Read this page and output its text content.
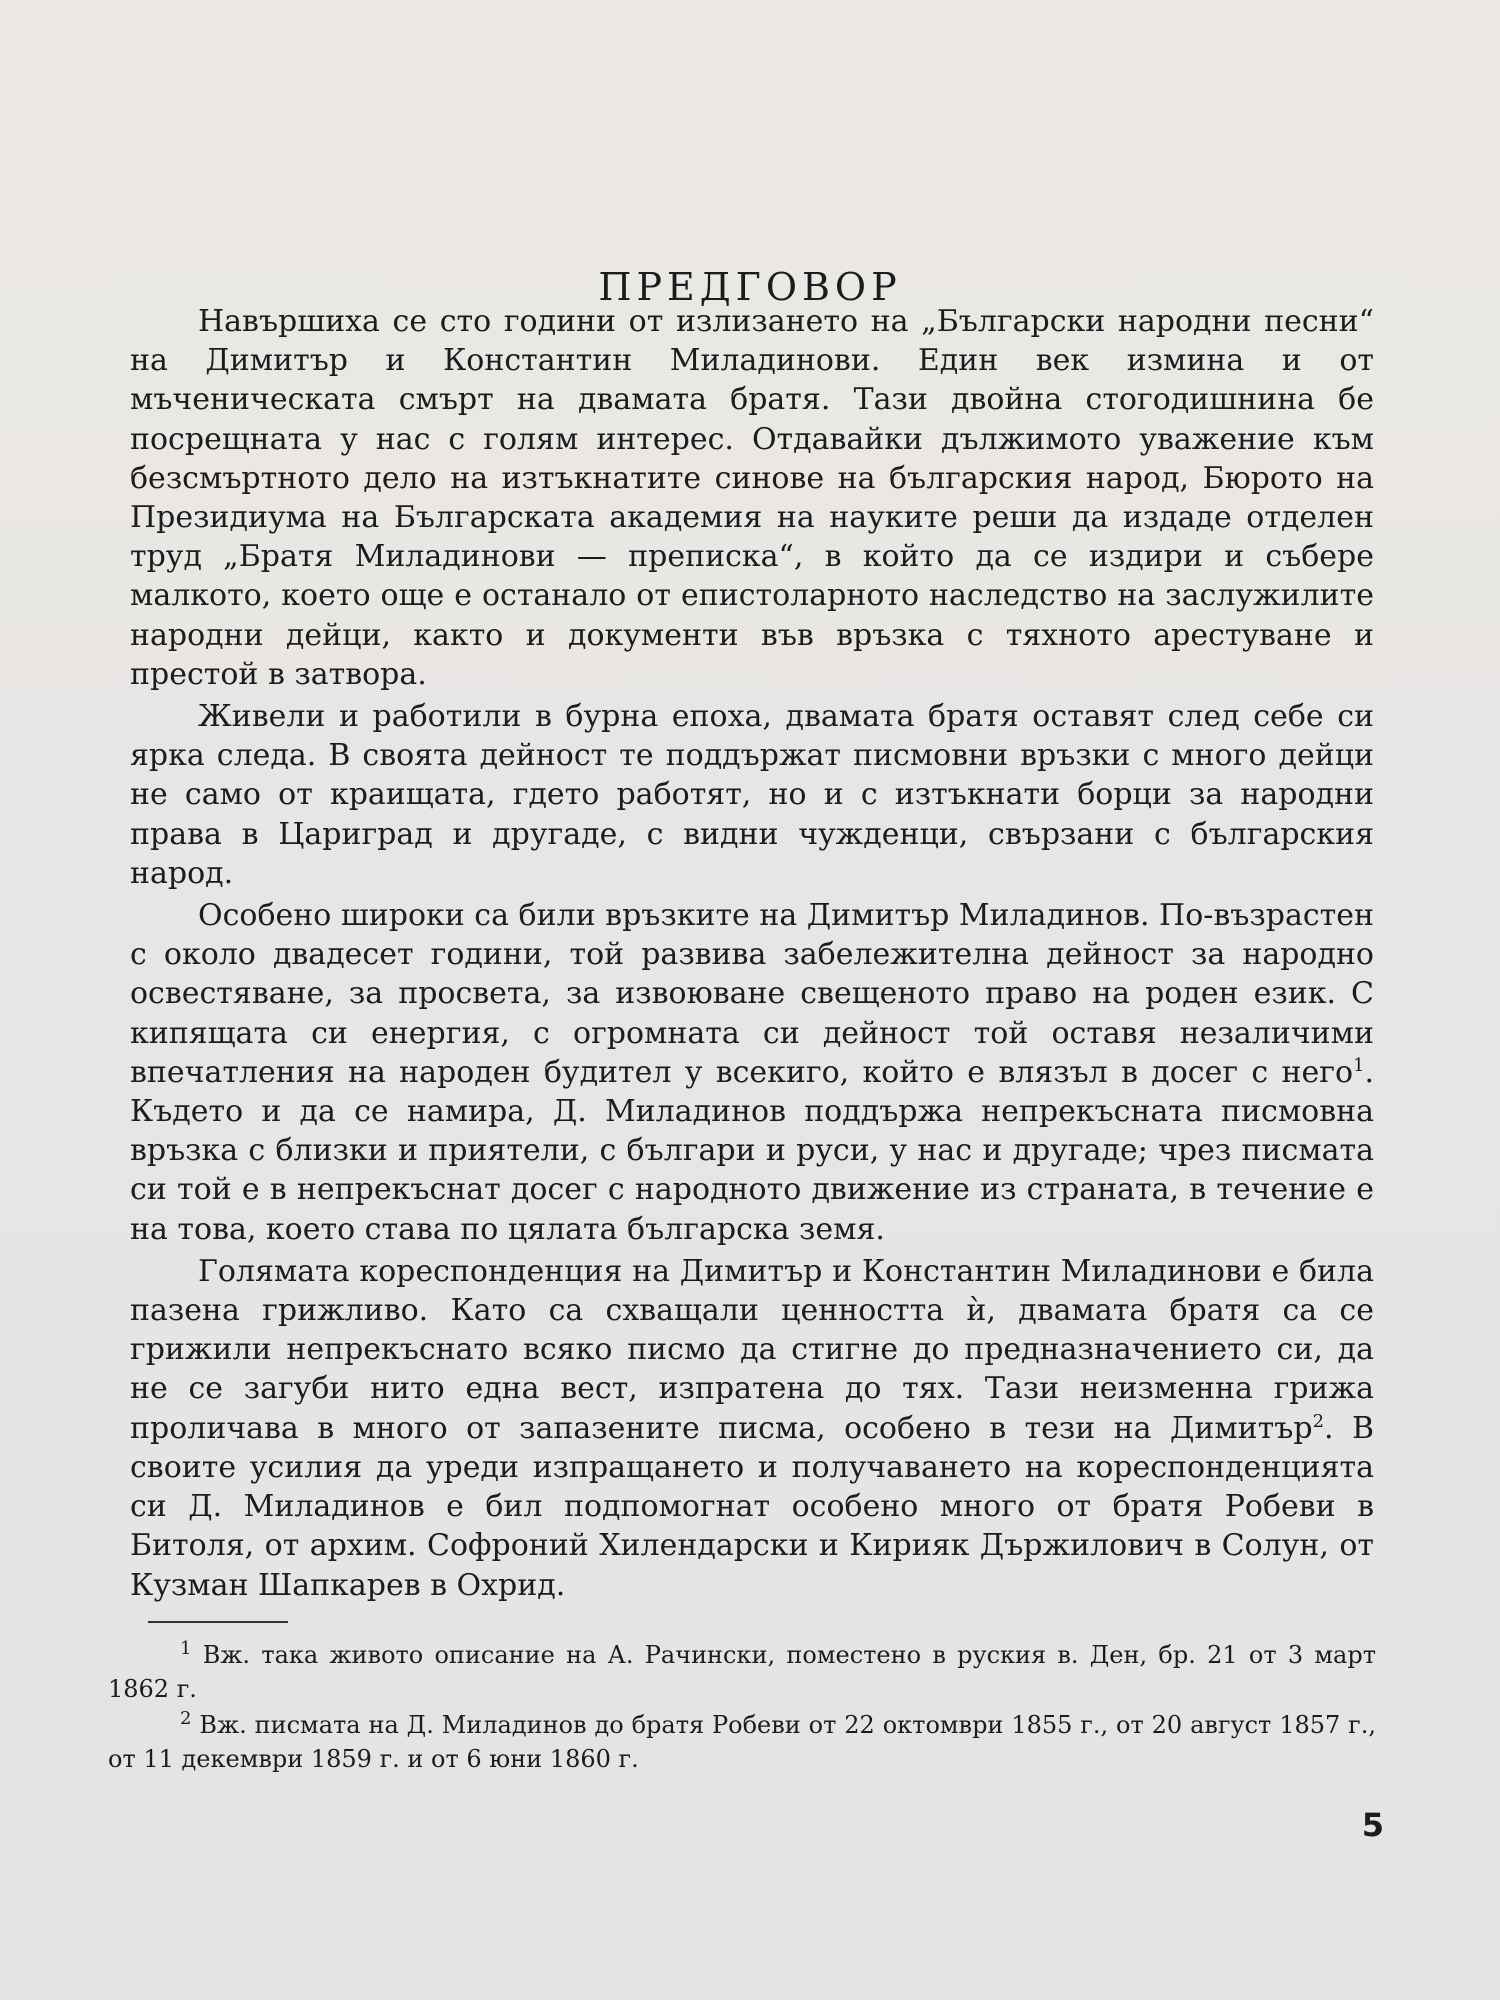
ПРЕДГОВОР

Навършиха се сто години от излизането на „Български народни песни“ на Димитър и Константин Миладинови. Един век измина и от мъченическата смърт на двамата братя. Тази двойна стогодишнина бе посрещната у нас с голям интерес. Отдавайки дължимото уважение към безсмъртното дело на изтъкнатите синове на българския народ, Бюрото на Президиума на Българската академия на науките реши да издаде отделен труд „Братя Миладинови — преписка“, в който да се издири и събере малкото, което още е останало от епистоларното наследство на заслужилите народни дейци, както и документи във връзка с тяхното арестуване и престой в затвора.

Живели и работили в бурна епоха, двамата братя оставят след себе си ярка следа. В своята дейност те поддържат писмовни връзки с много дейци не само от краищата, гдето работят, но и с изтъкнати борци за народни права в Цариград и другаде, с видни чужденци, свързани с българския народ.

Особено широки са били връзките на Димитър Миладинов. По-възрастен с около двадесет години, той развива забележителна дейност за народно освестяване, за просвета, за извоюване свещеното право на роден език. С кипящата си енергия, с огромната си дейност той оставя незаличими впечатления на народен будител у всекиго, който е влязъл в досег с него$^1$. Където и да се намира, Д. Миладинов поддържа непрекъсната писмовна връзка с близки и приятели, с българи и руси, у нас и другаде; чрез писмата си той е в непрекъснат досег с народното движение из страната, в течение е на това, което става по цялата българска земя.

Голямата кореспонденция на Димитър и Константин Миладинови е била пазена грижливо. Като са схващали ценността ѝ, двамата братя са се грижили непрекъснато всяко писмо да стигне до предназначението си, да не се загуби нито една вест, изпратена до тях. Тази неизменна грижа проличава в много от запазените писма, особено в тези на Димитър$^2$. В своите усилия да уреди изпращането и получаването на кореспонденцията си Д. Миладинов е бил подпомогнат особено много от братя Робеви в Битоля, от архим. Софроний Хилендарски и Кирияк Държилович в Солун, от Кузман Шапкарев в Охрид.

$^1$ Вж. така живото описание на А. Рачински, поместено в руския в. Ден, бр. 21 от 3 март 1862 г.

$^2$ Вж. писмата на Д. Миладинов до братя Робеви от 22 октомври 1855 г., от 20 август 1857 г., от 11 декември 1859 г. и от 6 юни 1860 г.

5
